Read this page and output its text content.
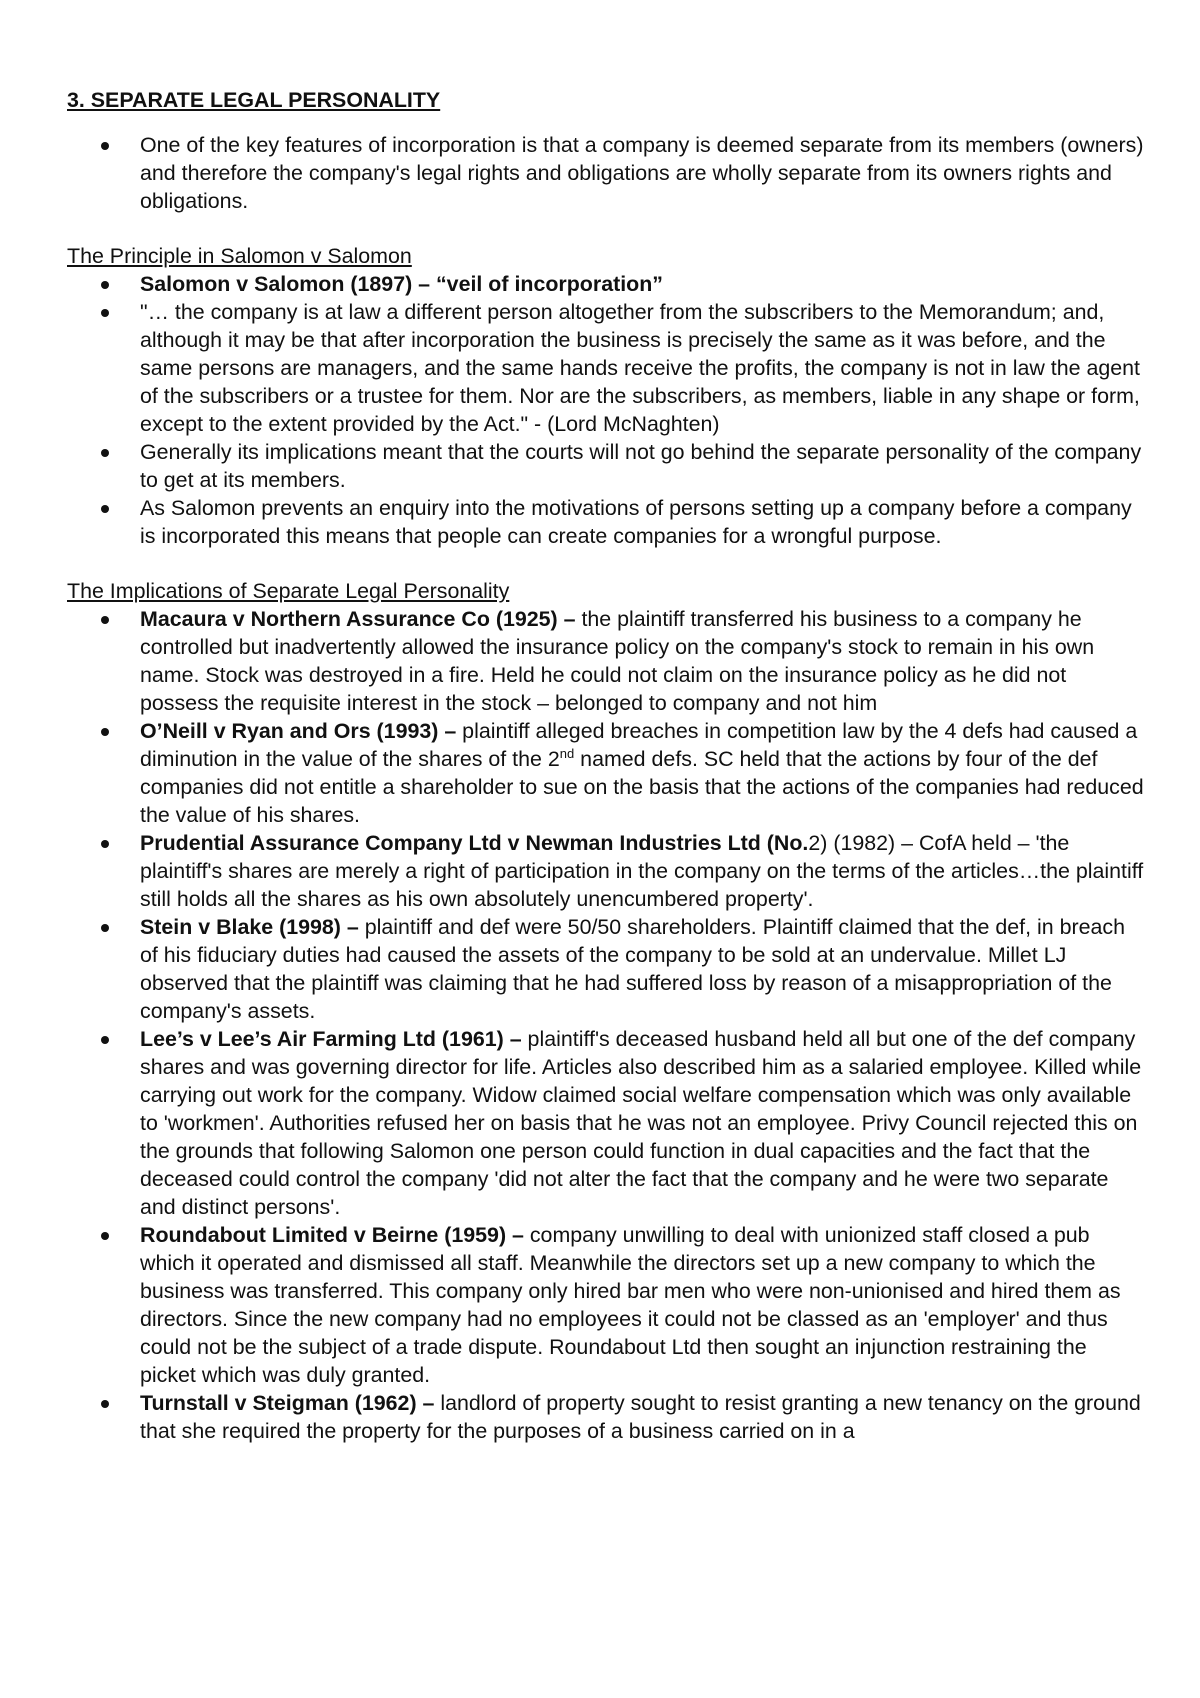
3. SEPARATE LEGAL PERSONALITY
One of the key features of incorporation is that a company is deemed separate from its members (owners) and therefore the company's legal rights and obligations are wholly separate from its owners rights and obligations.
The Principle in Salomon v Salomon
Salomon v Salomon (1897) – “veil of incorporation”
"… the company is at law a different person altogether from the subscribers to the Memorandum; and, although it may be that after incorporation the business is precisely the same as it was before, and the same persons are managers, and the same hands receive the profits, the company is not in law the agent of the subscribers or a trustee for them. Nor are the subscribers, as members, liable in any shape or form, except to the extent provided by the Act." - (Lord McNaghten)
Generally its implications meant that the courts will not go behind the separate personality of the company to get at its members.
As Salomon prevents an enquiry into the motivations of persons setting up a company before a company is incorporated this means that people can create companies for a wrongful purpose.
The Implications of Separate Legal Personality
Macaura v Northern Assurance Co (1925) – the plaintiff transferred his business to a company he controlled but inadvertently allowed the insurance policy on the company's stock to remain in his own name. Stock was destroyed in a fire. Held he could not claim on the insurance policy as he did not possess the requisite interest in the stock – belonged to company and not him
O’Neill v Ryan and Ors (1993) – plaintiff alleged breaches in competition law by the 4 defs had caused a diminution in the value of the shares of the 2nd named defs. SC held that the actions by four of the def companies did not entitle a shareholder to sue on the basis that the actions of the companies had reduced the value of his shares.
Prudential Assurance Company Ltd v Newman Industries Ltd (No.2) (1982) – CofA held – 'the plaintiff's shares are merely a right of participation in the company on the terms of the articles…the plaintiff still holds all the shares as his own absolutely unencumbered property'.
Stein v Blake (1998) – plaintiff and def were 50/50 shareholders. Plaintiff claimed that the def, in breach of his fiduciary duties had caused the assets of the company to be sold at an undervalue. Millet LJ observed that the plaintiff was claiming that he had suffered loss by reason of a misappropriation of the company's assets.
Lee’s v Lee’s Air Farming Ltd (1961) – plaintiff's deceased husband held all but one of the def company shares and was governing director for life. Articles also described him as a salaried employee. Killed while carrying out work for the company. Widow claimed social welfare compensation which was only available to 'workmen'. Authorities refused her on basis that he was not an employee. Privy Council rejected this on the grounds that following Salomon one person could function in dual capacities and the fact that the deceased could control the company 'did not alter the fact that the company and he were two separate and distinct persons'.
Roundabout Limited v Beirne (1959) – company unwilling to deal with unionized staff closed a pub which it operated and dismissed all staff. Meanwhile the directors set up a new company to which the business was transferred. This company only hired bar men who were non-unionised and hired them as directors. Since the new company had no employees it could not be classed as an 'employer' and thus could not be the subject of a trade dispute. Roundabout Ltd then sought an injunction restraining the picket which was duly granted.
Turnstall v Steigman (1962) – landlord of property sought to resist granting a new tenancy on the ground that she required the property for the purposes of a business carried on in a
